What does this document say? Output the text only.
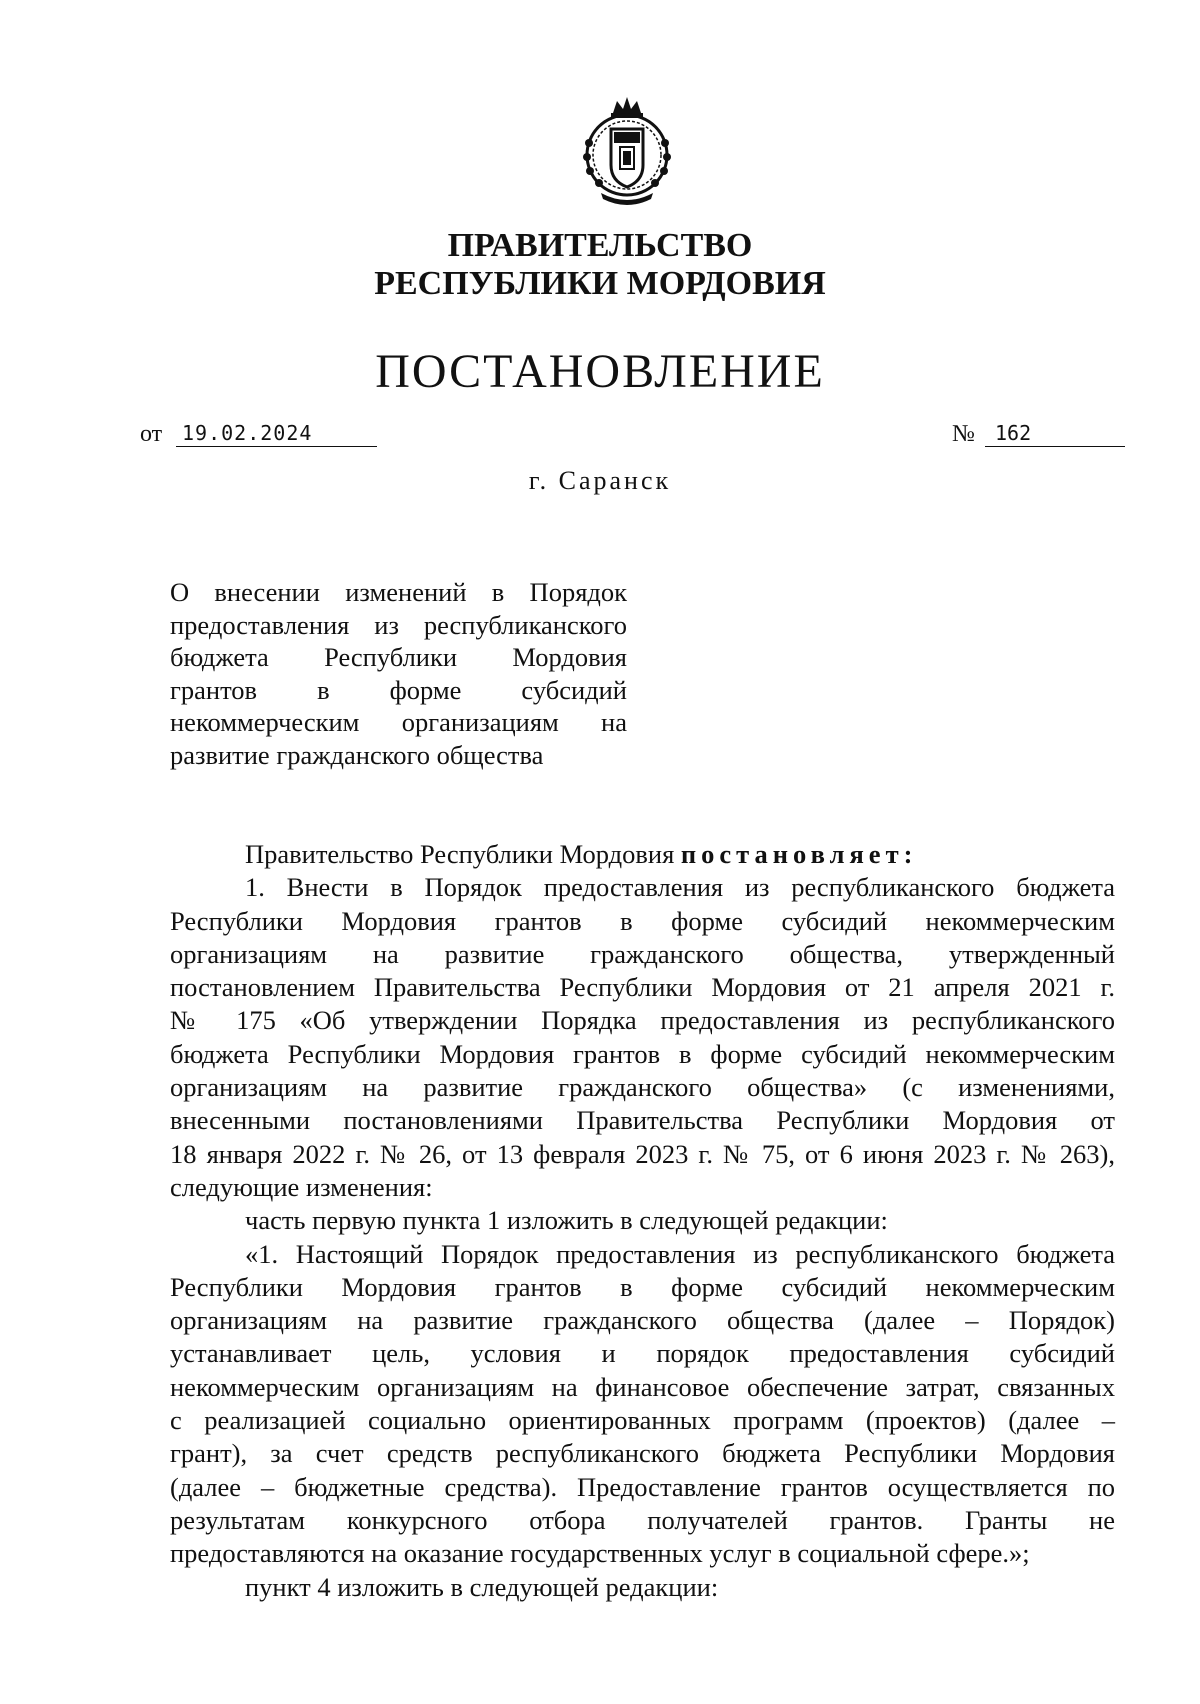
ПРАВИТЕЛЬСТВО
РЕСПУБЛИКИ МОРДОВИЯ
ПОСТАНОВЛЕНИЕ
от 19.02.2024	№	162
г. Саранск
О внесении изменений в Порядок
предоставления из республиканского
бюджета Республики Мордовия
грантов в форме субсидий
некоммерческим организациям на
развитие гражданского общества
Правительство Республики Мордовия постановляет:
1. Внести в Порядок предоставления из республиканского бюджета
Республики Мордовия грантов в форме субсидий некоммерческим
организациям на развитие гражданского общества, утвержденный
постановлением Правительства Республики Мордовия от 21 апреля 2021 г.
№ 175 «Об утверждении Порядка предоставления из республиканского
бюджета Республики Мордовия грантов в форме субсидий некоммерческим
организациям на развитие гражданского общества» (с изменениями,
внесенными постановлениями Правительства Республики Мордовия от
18 января 2022 г. № 26, от 13 февраля 2023 г. № 75, от 6 июня 2023 г. № 263),
следующие изменения:
часть первую пункта 1 изложить в следующей редакции:
«1. Настоящий Порядок предоставления из республиканского бюджета
Республики Мордовия грантов в форме субсидий некоммерческим
организациям на развитие гражданского общества (далее – Порядок)
устанавливает цель, условия и порядок предоставления субсидий
некоммерческим организациям на финансовое обеспечение затрат, связанных
с реализацией социально ориентированных программ (проектов) (далее –
грант), за счет средств республиканского бюджета Республики Мордовия
(далее – бюджетные средства). Предоставление грантов осуществляется по
результатам конкурсного отбора получателей грантов. Гранты не
предоставляются на оказание государственных услуг в социальной сфере.»;
пункт 4 изложить в следующей редакции:
